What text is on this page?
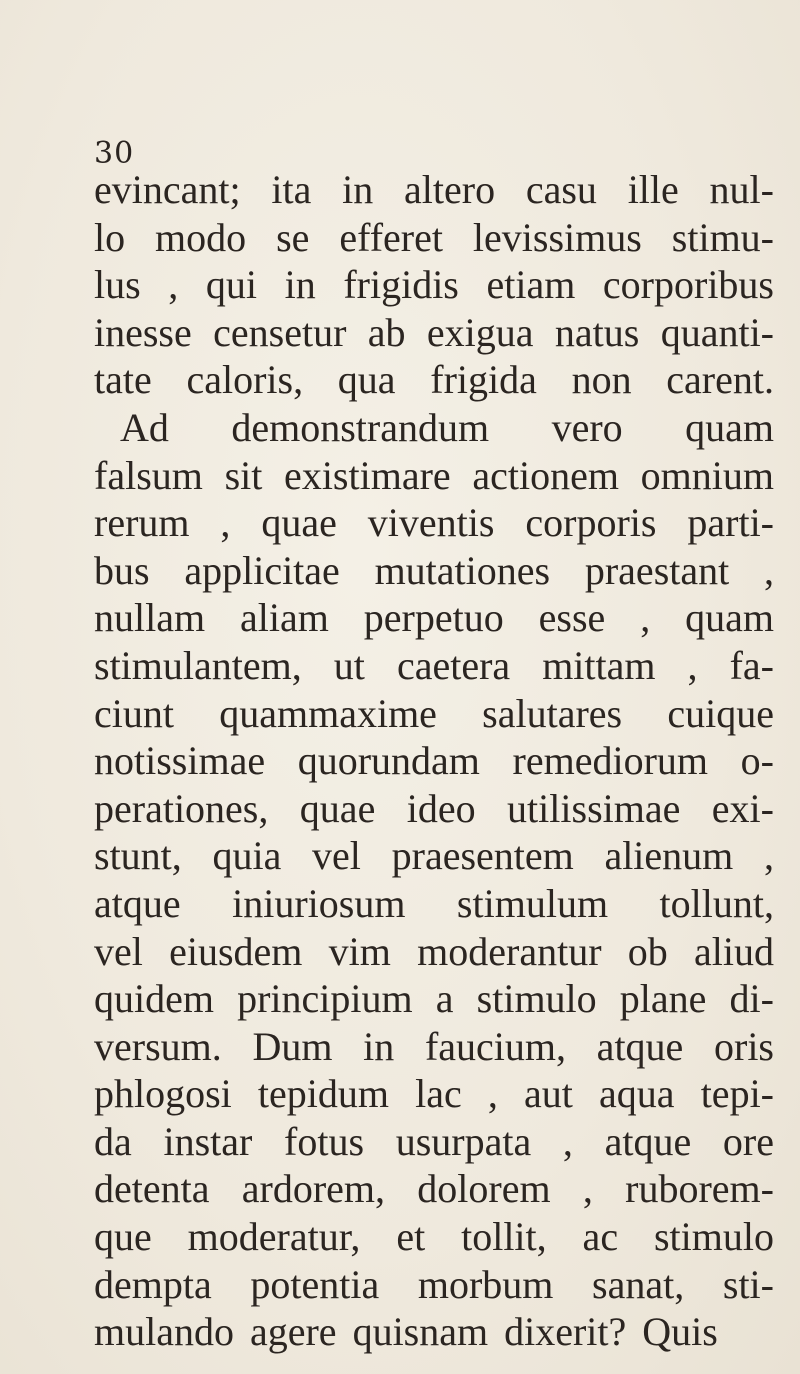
30
evincant; ita in altero casu ille nul-
lo modo se efferet levissimus stimu-
lus , qui in frigidis etiam corporibus
inesse censetur ab exigua natus quanti-
tate caloris, qua frigida non carent.
Ad demonstrandum vero quam
falsum sit existimare actionem omnium
rerum , quae viventis corporis parti-
bus applicitae mutationes praestant ,
nullam aliam perpetuo esse , quam
stimulantem, ut caetera mittam , fa-
ciunt quammaxime salutares cuique
notissimae quorundam remediorum o-
perationes, quae ideo utilissimae exi-
stunt, quia vel praesentem alienum ,
atque iniuriosum stimulum tollunt,
vel eiusdem vim moderantur ob aliud
quidem principium a stimulo plane di-
versum. Dum in faucium, atque oris
phlogosi tepidum lac , aut aqua tepi-
da instar fotus usurpata , atque ore
detenta ardorem, dolorem , ruborem-
que moderatur, et tollit, ac stimulo
dempta potentia morbum sanat, sti-
mulando agere quisnam dixerit? Quis
